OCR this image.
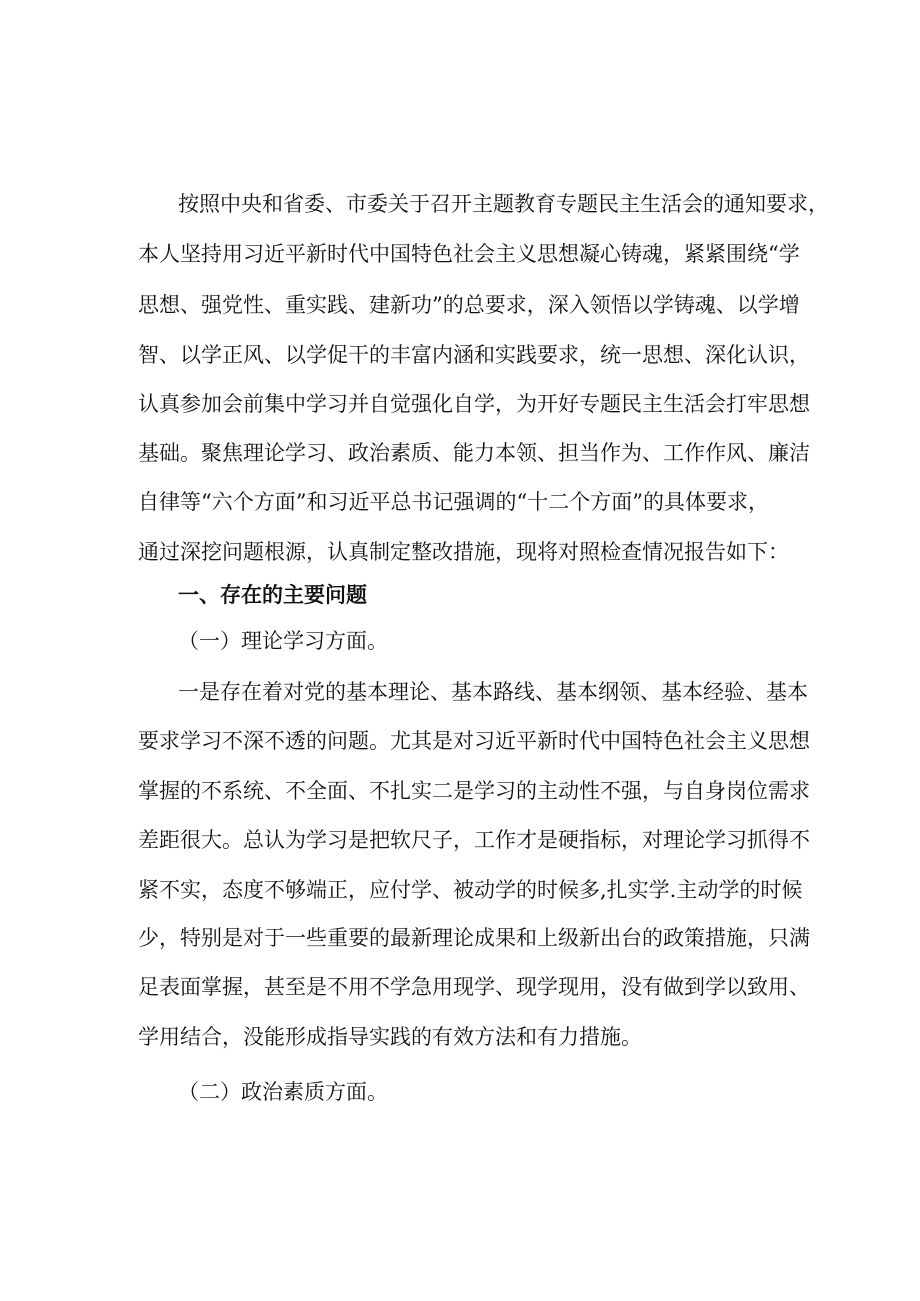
按照中央和省委、市委关于召开主题教育专题民主生活会的通知要求，

本人坚持用习近平新时代中国特色社会主义思想凝心铸魂，紧紧围绕“学

思想、强党性、重实践、建新功”的总要求，深入领悟以学铸魂、以学增

智、以学正风、以学促干的丰富内涵和实践要求，统一思想、深化认识，

认真参加会前集中学习并自觉强化自学，为开好专题民主生活会打牢思想

基础。聚焦理论学习、政治素质、能力本领、担当作为、工作作风、廉洁

自律等“六个方面”和习近平总书记强调的“十二个方面”的具体要求，

通过深挖问题根源，认真制定整改措施，现将对照检查情况报告如下：

一、存在的主要问题

（一）理论学习方面。

一是存在着对党的基本理论、基本路线、基本纲领、基本经验、基本

要求学习不深不透的问题。尤其是对习近平新时代中国特色社会主义思想

掌握的不系统、不全面、不扎实二是学习的主动性不强，与自身岗位需求

差距很大。总认为学习是把软尺子，工作才是硬指标，对理论学习抓得不

紧不实，态度不够端正，应付学、被动学的时候多,扎实学.主动学的时候

少，特别是对于一些重要的最新理论成果和上级新出台的政策措施，只满

足表面掌握，甚至是不用不学急用现学、现学现用，没有做到学以致用、

学用结合，没能形成指导实践的有效方法和有力措施。

（二）政治素质方面。
